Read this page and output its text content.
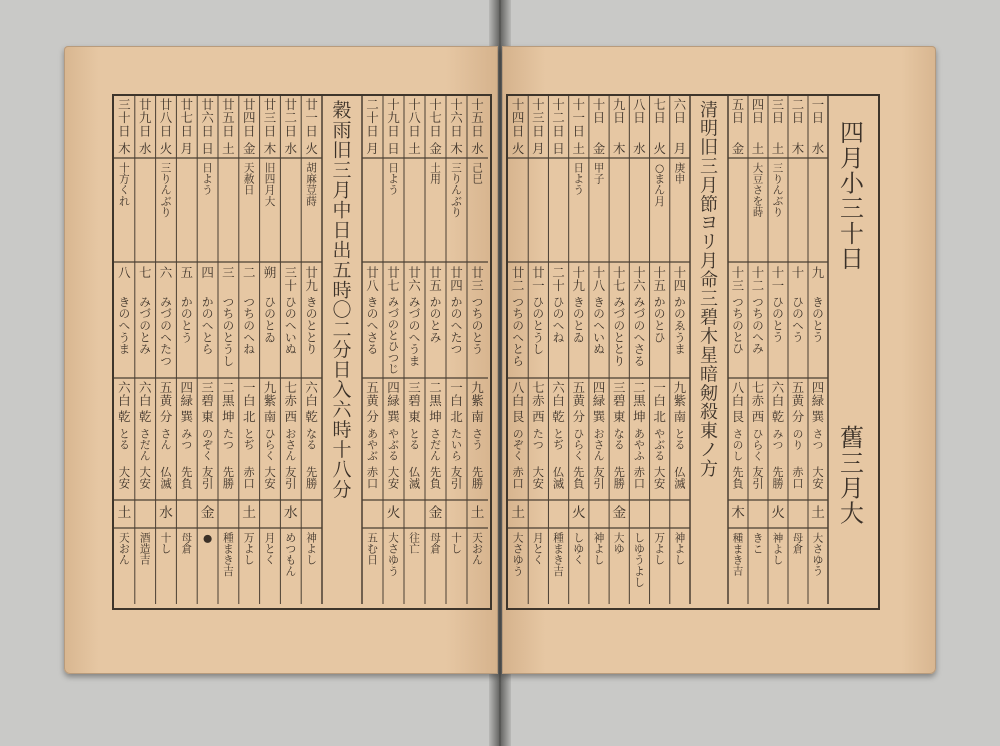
四
月
小
三
十
日
舊
三
月
大
一
日
水
九
き
の
と
う
四
緑
巽
さ
つ
大
安
土
大
さ
ゆ
う
二
日
木
十
ひ
の
へ
う
五
黄
分
の
り
赤
口
母
倉
三
日
土
三
り
ん
ぶ
り
十
一
ひ
の
と
う
六
白
乾
み
つ
先
勝
火
神
よ
し
四
日
土
大
豆
さ
を
蒔
十
二
つ
ち
の
へ
み
七
赤
西
ひ
ら
く
友
引
き
こ
五
日
金
十
三
つ
ち
の
と
ひ
八
白
艮
さ
の
し
先
負
木
種
ま
き
吉
清
明
旧
三
月
節
ヨ
リ
月
命
三
碧
木
星
暗
剱
殺
東
ノ
方
六
日
月
庚
申
十
四
か
の
ゑ
う
ま
九
紫
南
と
る
仏
滅
神
よ
し
七
日
火
○
ま
ん
月
十
五
か
の
と
ひ
一
白
北
や
ぶ
る
大
安
万
よ
し
八
日
水
十
六
み
づ
の
へ
さ
る
二
黒
坤
あ
や
ふ
赤
口
し
ゆ
う
よ
し
九
日
木
十
七
み
づ
の
と
と
り
三
碧
東
な
る
先
勝
金
大
ゆ
十
日
金
甲
子
十
八
き
の
へ
い
ぬ
四
緑
巽
お
さ
ん
友
引
神
よ
し
十
一
日
土
日
よ
う
十
九
き
の
と
ゐ
五
黄
分
ひ
ら
く
先
負
火
し
ゆ
く
十
二
日
日
二
十
ひ
の
へ
ね
六
白
乾
と
ぢ
仏
滅
種
ま
き
吉
十
三
日
月
廿
一
ひ
の
と
う
し
七
赤
西
た
つ
大
安
月
と
く
十
四
日
火
廿
二
つ
ち
の
へ
と
ら
八
白
艮
の
ぞ
く
赤
口
土
大
さ
ゆ
う
十
五
日
水
己
巳
廿
三
つ
ち
の
と
う
九
紫
南
さ
う
先
勝
土
天
お
ん
十
六
日
木
三
り
ん
ぶ
り
廿
四
か
の
へ
た
つ
一
白
北
た
い
ら
友
引
十
し
十
七
日
金
土
用
廿
五
か
の
と
み
二
黒
坤
さ
だ
ん
先
負
金
母
倉
十
八
日
土
廿
六
み
づ
の
へ
う
ま
三
碧
東
と
る
仏
滅
往
亡
十
九
日
日
日
よ
う
廿
七
み
づ
の
と
ひ
つ
じ
四
緑
巽
や
ぶ
る
大
安
火
大
さ
ゆ
う
二
十
日
月
廿
八
き
の
へ
さ
る
五
黄
分
あ
や
ぶ
赤
口
五
む
日
穀
雨
旧
三
月
中
日
出
五
時
〇
二
分
日
入
六
時
十
八
分
廿
一
日
火
胡
麻
荳
蒔
廿
九
き
の
と
と
り
六
白
乾
な
る
先
勝
神
よ
し
廿
二
日
水
三
十
ひ
の
へ
い
ぬ
七
赤
西
お
さ
ん
友
引
水
め
つ
も
ん
廿
三
日
木
旧
四
月
大
朔
ひ
の
と
ゐ
九
紫
南
ひ
ら
く
大
安
月
と
く
廿
四
日
金
天
赦
日
二
つ
ち
の
へ
ね
一
白
北
と
ぢ
赤
口
土
万
よ
し
廿
五
日
土
三
つ
ち
の
と
う
し
二
黒
坤
た
つ
先
勝
種
ま
き
吉
廿
六
日
日
日
よ
う
四
か
の
へ
と
ら
三
碧
東
の
ぞ
く
友
引
金
●
廿
七
日
月
五
か
の
と
う
四
緑
巽
み
つ
先
負
母
倉
廿
八
日
火
三
り
ん
ぶ
り
六
み
づ
の
へ
た
つ
五
黄
分
さ
ん
仏
滅
水
十
し
廿
九
日
水
七
み
づ
の
と
み
六
白
乾
さ
だ
ん
大
安
酒
造
吉
三
十
日
木
十
方
く
れ
八
き
の
へ
う
ま
六
白
乾
と
る
大
安
土
天
お
ん
